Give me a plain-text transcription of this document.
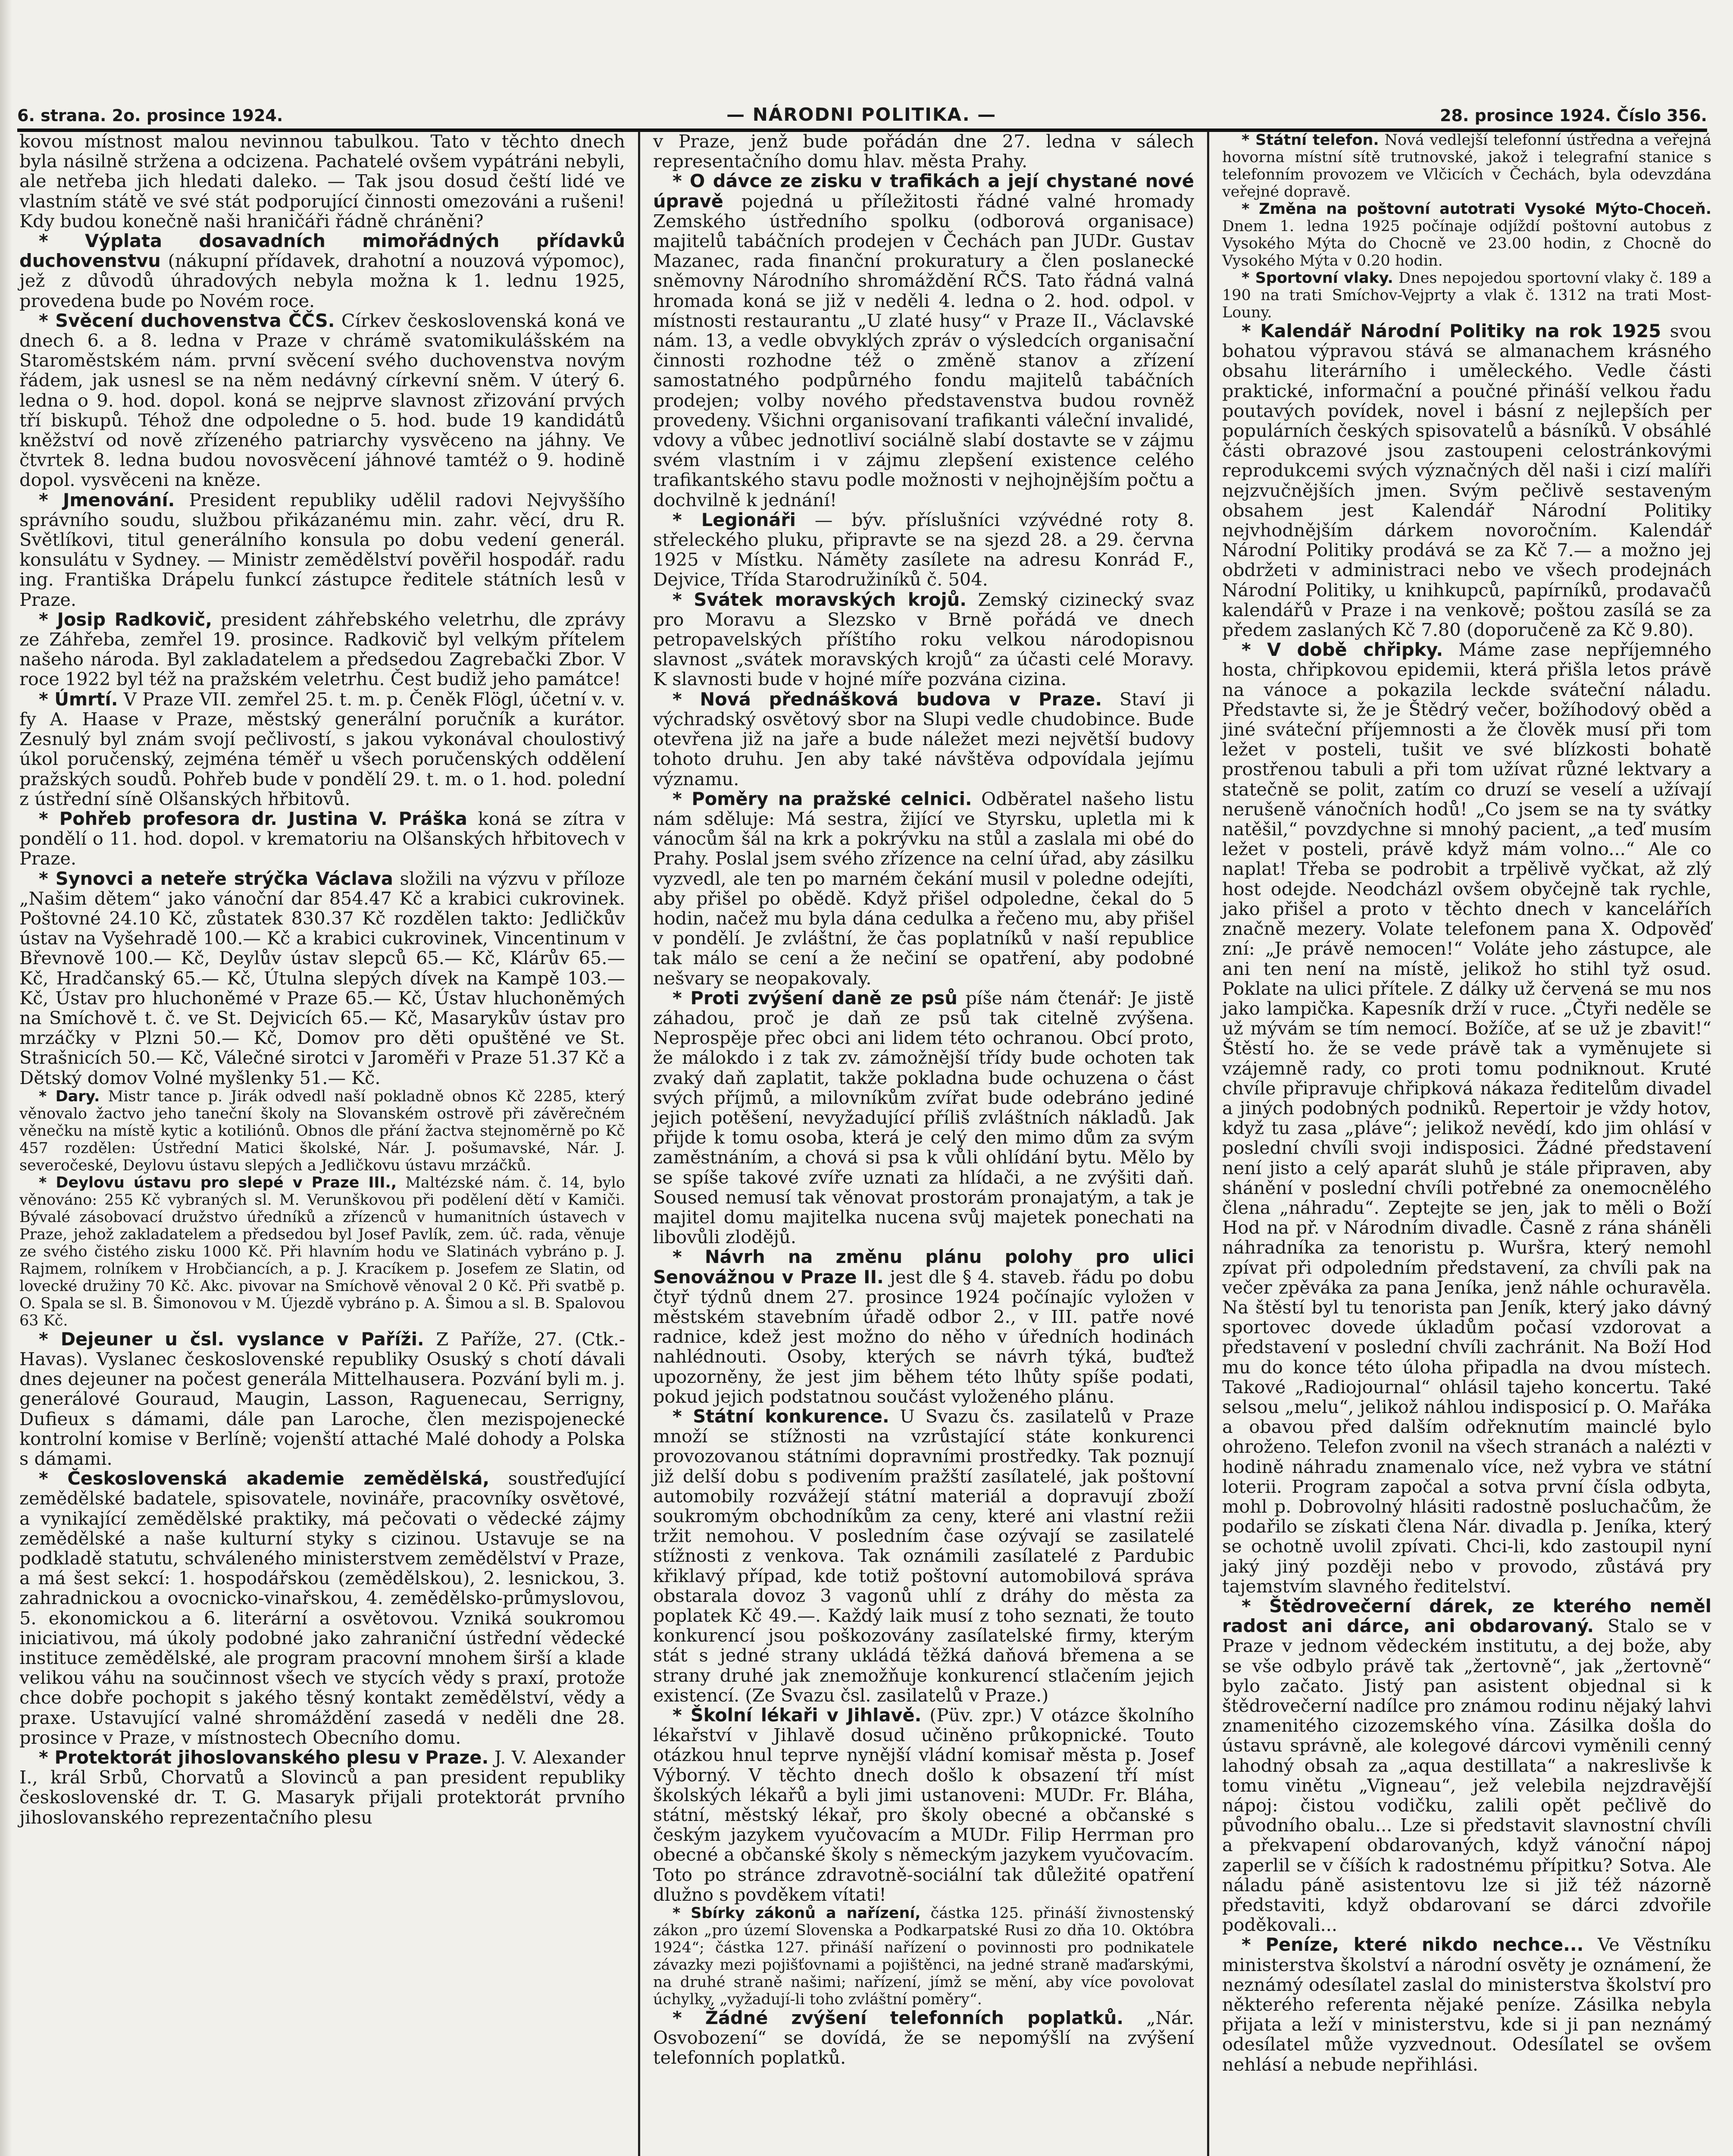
6. strana. 2o. prosince 1924.	— NÁRODNI POLITIKA. —	28. prosince 1924. Číslo 356.

kovou místnost malou nevinnou tabulkou. Tato v těchto dnech byla násilně stržena a odcizena. Pachatelé ovšem vypátráni nebyli, ale netřeba jich hledati daleko. — Tak jsou dosud čeští lidé ve vlastním státě ve své stát podporující činnosti omezováni a rušeni! Kdy budou konečně naši hraničáři řádně chráněni?

* Výplata dosavadních mimořádných přídavků duchovenstvu (nákupní přídavek, drahotní a nouzová výpomoc), jež z důvodů úhradových nebyla možna k 1. lednu 1925, provedena bude po Novém roce.

* Svěcení duchovenstva ČČS. Církev československá koná ve dnech 6. a 8. ledna v Praze v chrámě svatomikulášském na Staroměstském nám. první svěcení svého duchovenstva novým řádem, jak usnesl se na něm nedávný církevní sněm. V úterý 6. ledna o 9. hod. dopol. koná se nejprve slavnost zřizování prvých tří biskupů. Téhož dne odpoledne o 5. hod. bude 19 kandidátů kněžství od nově zřízeného patriarchy vysvěceno na jáhny. Ve čtvrtek 8. ledna budou novosvěcení jáhnové tamtéž o 9. hodině dopol. vysvěceni na kněze.

* Jmenování. President republiky udělil radovi Nejvyššího správního soudu, službou přikázanému min. zahr. věcí, dru R. Světlíkovi, titul generálního konsula po dobu vedení generál. konsulátu v Sydney. — Ministr zemědělství pověřil hospodář. radu ing. Františka Drápelu funkcí zástupce ředitele státních lesů v Praze.

* Josip Radkovič, president záhřebského veletrhu, dle zprávy ze Záhřeba, zemřel 19. prosince. Radkovič byl velkým přítelem našeho národa. Byl zakladatelem a předsedou Zagrebački Zbor. V roce 1922 byl též na pražském veletrhu. Čest budiž jeho památce!

* Úmrtí. V Praze VII. zemřel 25. t. m. p. Čeněk Flögl, účetní v. v. fy A. Haase v Praze, městský generální poručník a kurátor. Zesnulý byl znám svojí pečlivostí, s jakou vykonával choulostivý úkol poručenský, zejména téměř u všech poručenských oddělení pražských soudů. Pohřeb bude v pondělí 29. t. m. o 1. hod. polední z ústřední síně Olšanských hřbitovů.

* Pohřeb profesora dr. Justina V. Práška koná se zítra v pondělí o 11. hod. dopol. v krematoriu na Olšanských hřbitovech v Praze.

* Synovci a neteře strýčka Václava složili na výzvu v příloze „Našim dětem“ jako vánoční dar 854.47 Kč a krabici cukrovinek. Poštovné 24.10 Kč, zůstatek 830.37 Kč rozdělen takto: Jedličkův ústav na Vyšehradě 100.— Kč a krabici cukrovinek, Vincentinum v Břevnově 100.— Kč, Deylův ústav slepců 65.— Kč, Klárův 65.— Kč, Hradčanský 65.— Kč, Útulna slepých dívek na Kampě 103.— Kč, Ústav pro hluchoněmé v Praze 65.— Kč, Ústav hluchoněmých na Smíchově t. č. ve St. Dejvicích 65.— Kč, Masarykův ústav pro mrzáčky v Plzni 50.— Kč, Domov pro děti opuštěné ve St. Strašnicích 50.— Kč, Válečné sirotci v Jaroměři v Praze 51.37 Kč a Dětský domov Volné myšlenky 51.— Kč.

* Dary. Mistr tance p. Jirák odvedl naší pokladně obnos Kč 2285, který věnovalo žactvo jeho taneční školy na Slovanském ostrově při závěrečném věnečku na místě kytic a kotiliónů. Obnos dle přání žactva stejnoměrně po Kč 457 rozdělen: Ústřední Matici školské, Nár. J. pošumavské, Nár. J. severočeské, Deylovu ústavu slepých a Jedličkovu ústavu mrzáčků.

* Deylovu ústavu pro slepé v Praze III., Maltézské nám. č. 14, bylo věnováno: 255 Kč vybraných sl. M. Verunškovou při podělení dětí v Kamiči. Bývalé zásobovací družstvo úředníků a zřízenců v humanitních ústavech v Praze, jehož zakladatelem a předsedou byl Josef Pavlík, zem. úč. rada, věnuje ze svého čistého zisku 1000 Kč. Při hlavním hodu ve Slatinách vybráno p. J. Rajmem, rolníkem v Hrobčiancích, a p. J. Kracíkem p. Josefem ze Slatin, od lovecké družiny 70 Kč. Akc. pivovar na Smíchově věnoval 2 0 Kč. Při svatbě p. O. Spala se sl. B. Šimonovou v M. Újezdě vybráno p. A. Šimou a sl. B. Spalovou 63 Kč.

* Dejeuner u čsl. vyslance v Paříži. Z Paříže, 27. (Ctk.-Havas). Vyslanec československé republiky Osuský s chotí dávali dnes dejeuner na počest generála Mittelhausera. Pozvání byli m. j. generálové Gouraud, Maugin, Lasson, Raguenecau, Serrigny, Dufieux s dámami, dále pan Laroche, člen mezispojenecké kontrolní komise v Berlíně; vojenští attaché Malé dohody a Polska s dámami.

* Československá akademie zemědělská, soustřeďující zemědělské badatele, spisovatele, novináře, pracovníky osvětové, a vynikající zemědělské praktiky, má pečovati o vědecké zájmy zemědělské a naše kulturní styky s cizinou. Ustavuje se na podkladě statutu, schváleného ministerstvem zemědělství v Praze, a má šest sekcí: 1. hospodářskou (zemědělskou), 2. lesnickou, 3. zahradnickou a ovocnicko-vinařskou, 4. zemědělsko-průmyslovou, 5. ekonomickou a 6. literární a osvětovou. Vzniká soukromou iniciativou, má úkoly podobné jako zahraniční ústřední vědecké instituce zemědělské, ale program pracovní mnohem širší a klade velikou váhu na součinnost všech ve stycích vědy s praxí, protože chce dobře pochopit s jakého těsný kontakt zemědělství, vědy a praxe. Ustavující valné shromáždění zasedá v neděli dne 28. prosince v Praze, v místnostech Obecního domu.

* Protektorát jihoslovanského plesu v Praze. J. V. Alexander I., král Srbů, Chorvatů a Slovinců a pan president republiky československé dr. T. G. Masaryk přijali protektorát prvního jihoslovanského reprezentačního plesu

v Praze, jenž bude pořádán dne 27. ledna v sálech representačního domu hlav. města Prahy.

* O dávce ze zisku v trafikách a její chystané nové úpravě pojedná u příležitosti řádné valné hromady Zemského ústředního spolku (odborová organisace) majitelů tabáčních prodejen v Čechách pan JUDr. Gustav Mazanec, rada finanční prokuratury a člen poslanecké sněmovny Národního shromáždění RČS. Tato řádná valná hromada koná se již v neděli 4. ledna o 2. hod. odpol. v místnosti restaurantu „U zlaté husy“ v Praze II., Václavské nám. 13, a vedle obvyklých zpráv o výsledcích organisační činnosti rozhodne též o změně stanov a zřízení samostatného podpůrného fondu majitelů tabáčních prodejen; volby nového představenstva budou rovněž provedeny. Všichni organisovaní trafikanti váleční invalidé, vdovy a vůbec jednotliví sociálně slabí dostavte se v zájmu svém vlastním i v zájmu zlepšení existence celého trafikantského stavu podle možnosti v nejhojnějším počtu a dochvilně k jednání!

* Legionáři — býv. příslušníci vzývédné roty 8. střeleckého pluku, připravte se na sjezd 28. a 29. června 1925 v Místku. Náměty zasílete na adresu Konrád F., Dejvice, Třída Starodružiníků č. 504.

* Svátek moravských krojů. Zemský cizinecký svaz pro Moravu a Slezsko v Brně pořádá ve dnech petropavelských příštího roku velkou národopisnou slavnost „svátek moravských krojů“ za účasti celé Moravy. K slavnosti bude v hojné míře pozvána cizina.

* Nová přednášková budova v Praze. Staví ji výchradský osvětový sbor na Slupi vedle chudobince. Bude otevřena již na jaře a bude náležet mezi největší budovy tohoto druhu. Jen aby také návštěva odpovídala jejímu významu.

* Poměry na pražské celnici. Odběratel našeho listu nám sděluje: Má sestra, žijící ve Styrsku, upletla mi k vánocům šál na krk a pokrývku na stůl a zaslala mi obé do Prahy. Poslal jsem svého zřízence na celní úřad, aby zásilku vyzvedl, ale ten po marném čekání musil v poledne odejíti, aby přišel po obědě. Když přišel odpoledne, čekal do 5 hodin, načež mu byla dána cedulka a řečeno mu, aby přišel v pondělí. Je zvláštní, že čas poplatníků v naší republice tak málo se cení a že nečiní se opatření, aby podobné nešvary se neopakovaly.

* Proti zvýšení daně ze psů píše nám čtenář: Je jistě záhadou, proč je daň ze psů tak citelně zvýšena. Neprospěje přec obci ani lidem této ochranou. Obcí proto, že málokdo i z tak zv. zámožnější třídy bude ochoten tak zvaký daň zaplatit, takže pokladna bude ochuzena o část svých příjmů, a milovníkům zvířat bude odebráno jediné jejich potěšení, nevyžadující příliš zvláštních nákladů. Jak přijde k tomu osoba, která je celý den mimo dům za svým zaměstnáním, a chová si psa k vůli ohlídání bytu. Mělo by se spíše takové zvíře uznati za hlídači, a ne zvýšiti daň. Soused nemusí tak věnovat prostorám pronajatým, a tak je majitel domu majitelka nucena svůj majetek ponechati na libovůli zlodějů.

* Návrh na změnu plánu polohy pro ulici Senovážnou v Praze II. jest dle § 4. staveb. řádu po dobu čtyř týdnů dnem 27. prosince 1924 počínajíc vyložen v městském stavebním úřadě odbor 2., v III. patře nové radnice, kdež jest možno do něho v úředních hodinách nahlédnouti. Osoby, kterých se návrh týká, buďtež upozorněny, že jest jim během této lhůty spíše podati, pokud jejich podstatnou součást vyloženého plánu.

* Státní konkurence. U Svazu čs. zasilatelů v Praze množí se stížnosti na vzrůstající státe konkurenci provozovanou státními dopravními prostředky. Tak poznují již delší dobu s podivením pražští zasílatelé, jak poštovní automobily rozvážejí státní materiál a dopravují zboží soukromým obchodníkům za ceny, které ani vlastní režii tržit nemohou. V posledním čase ozývají se zasilatelé stížnosti z venkova. Tak oznámili zasílatelé z Pardubic křiklavý případ, kde totiž poštovní automobilová správa obstarala dovoz 3 vagonů uhlí z dráhy do města za poplatek Kč 49.—. Každý laik musí z toho seznati, že touto konkurencí jsou poškozovány zasílatelské firmy, kterým stát s jedné strany ukládá těžká daňová břemena a se strany druhé jak znemožňuje konkurencí stlačením jejich existencí. (Ze Svazu čsl. zasilatelů v Praze.)

* Školní lékaři v Jihlavě. (Püv. zpr.) V otázce školního lékařství v Jihlavě dosud učiněno průkopnické. Touto otázkou hnul teprve nynější vládní komisař města p. Josef Výborný. V těchto dnech došlo k obsazení tří míst školských lékařů a byli jimi ustanoveni: MUDr. Fr. Bláha, státní, městský lékař, pro školy obecné a občanské s českým jazykem vyučovacím a MUDr. Filip Herrman pro obecné a občanské školy s německým jazykem vyučovacím. Toto po stránce zdravotně-sociální tak důležité opatření dlužno s povděkem vítati!

* Sbírky zákonů a nařízení, částka 125. přináší živnostenský zákon „pro území Slovenska a Podkarpatské Rusi zo dňa 10. Októbra 1924“; částka 127. přináší nařízení o povinnosti pro podnikatele závazky mezi pojišťovnami a pojištěnci, na jedné straně maďarskými, na druhé straně našimi; nařízení, jímž se mění, aby více povolovat úchylky, „vyžadují-li toho zvláštní poměry“.

* Žádné zvýšení telefonních poplatků. „Nár. Osvobození“ se dovídá, že se nepomýšlí na zvýšení telefonních poplatků.

* Státní telefon. Nová vedlejší telefonní ústředna a veřejná hovorna místní sítě trutnovské, jakož i telegrafní stanice s telefonním provozem ve Vlčicích v Čechách, byla odevzdána veřejné dopravě.

* Změna na poštovní autotrati Vysoké Mýto-Choceň. Dnem 1. ledna 1925 počínaje odjíždí poštovní autobus z Vysokého Mýta do Chocně ve 23.00 hodin, z Chocně do Vysokého Mýta v 0.20 hodin.

* Sportovní vlaky. Dnes nepojedou sportovní vlaky č. 189 a 190 na trati Smíchov-Vejprty a vlak č. 1312 na trati Most-Louny.

* Kalendář Národní Politiky na rok 1925 svou bohatou výpravou stává se almanachem krásného obsahu literárního i uměleckého. Vedle části praktické, informační a poučné přináší velkou řadu poutavých povídek, novel i básní z nejlepších per populárních českých spisovatelů a básníků. V obsáhlé části obrazové jsou zastoupeni celostránkovými reprodukcemi svých význačných děl naši i cizí malíři nejzvučnějších jmen. Svým pečlivě sestaveným obsahem jest Kalendář Národní Politiky nejvhodnějším dárkem novoročním. Kalendář Národní Politiky prodává se za Kč 7.— a možno jej obdržeti v administraci nebo ve všech prodejnách Národní Politiky, u knihkupců, papírníků, prodavačů kalendářů v Praze i na venkově; poštou zasílá se za předem zaslaných Kč 7.80 (doporučeně za Kč 9.80).

* V době chřipky. Máme zase nepříjemného hosta, chřipkovou epidemii, která přišla letos právě na vánoce a pokazila leckde sváteční náladu. Představte si, že je Štědrý večer, božíhodový oběd a jiné sváteční příjemnosti a že člověk musí při tom ležet v posteli, tušit ve své blízkosti bohatě prostřenou tabuli a při tom užívat různé lektvary a statečně se polit, zatím co druzí se veselí a užívají nerušeně vánočních hodů! „Co jsem se na ty svátky natěšil,“ povzdychne si mnohý pacient, „a teď musím ležet v posteli, právě když mám volno...“ Ale co naplat! Třeba se podrobit a trpělivě vyčkat, až zlý host odejde. Neodcházl ovšem obyčejně tak rychle, jako přišel a proto v těchto dnech v kancelářích značně mezery. Volate telefonem pana X. Odpověď zní: „Je právě nemocen!“ Voláte jeho zástupce, ale ani ten není na místě, jelikož ho stihl tyž osud. Poklate na ulici přítele. Z dálky už červená se mu nos jako lampička. Kapesník drží v ruce. „Čtyři neděle se už mývám se tím nemocí. Božíče, ať se už je zbavit!“ Štěstí ho. že se vede právě tak a vyměnujete si vzájemně rady, co proti tomu podniknout. Kruté chvíle připravuje chřipková nákaza ředitelům divadel a jiných podobných podniků. Repertoir je vždy hotov, když tu zasa „pláve“; jelikož nevědí, kdo jim ohlásí v poslední chvíli svoji indisposici. Žádné představení není jisto a celý aparát sluhů je stále připraven, aby shánění v poslední chvíli potřebné za onemocnělého člena „náhradu“. Zeptejte se jen, jak to měli o Boží Hod na př. v Národním divadle. Časně z rána sháněli náhradníka za tenoristu p. Wuršra, který nemohl zpívat při odpoledním představení, za chvíli pak na večer zpěváka za pana Jeníka, jenž náhle ochuravěla. Na štěstí byl tu tenorista pan Jeník, který jako dávný sportovec dovede úkladům počasí vzdorovat a představení v poslední chvíli zachránit. Na Boží Hod mu do konce této úloha připadla na dvou místech. Takové „Radiojournal“ ohlásil tajeho koncertu. Také selsou „melu“, jelikož náhlou indisposicí p. O. Mařáka a obavou před dalším odřeknutím mainclé bylo ohroženo. Telefon zvonil na všech stranách a nalézti v hodině náhradu znamenalo více, než vybra ve státní loterii. Program započal a sotva první čísla odbyta, mohl p. Dobrovolný hlásiti radostně posluchačům, že podařilo se získati člena Nár. divadla p. Jeníka, který se ochotně uvolil zpívati. Chci-li, kdo zastoupil nyní jaký jiný později nebo v provodo, zůstává pry tajemstvím slavného ředitelství.

* Štědrovečerní dárek, ze kterého neměl radost ani dárce, ani obdarovaný. Stalo se v Praze v jednom vědeckém institutu, a dej bože, aby se vše odbylo právě tak „žertovně“, jak „žertovně“ bylo začato. Jistý pan asistent objednal si k štědrovečerní nadílce pro známou rodinu nějaký lahvi znamenitého cizozemského vína. Zásilka došla do ústavu správně, ale kolegové dárcovi vyměnili cenný lahodný obsah za „aqua destillata“ a nakreslivše k tomu vinětu „Vigneau“, jež velebila nejzdravější nápoj: čistou vodičku, zalili opět pečlivě do původního obalu... Lze si představit slavnostní chvíli a překvapení obdarovaných, když vánoční nápoj zaperlil se v číších k radostnému přípitku? Sotva. Ale náladu páně asistentovu lze si již též názorně představiti, když obdarovaní se dárci zdvořile poděkovali...

* Peníze, které nikdo nechce... Ve Věstníku ministerstva školství a národní osvěty je oznámení, že neznámý odesílatel zaslal do ministerstva školství pro některého referenta nějaké peníze. Zásilka nebyla přijata a leží v ministerstvu, kde si ji pan neznámý odesílatel může vyzvednout. Odesílatel se ovšem nehlásí a nebude nepřihlási.
